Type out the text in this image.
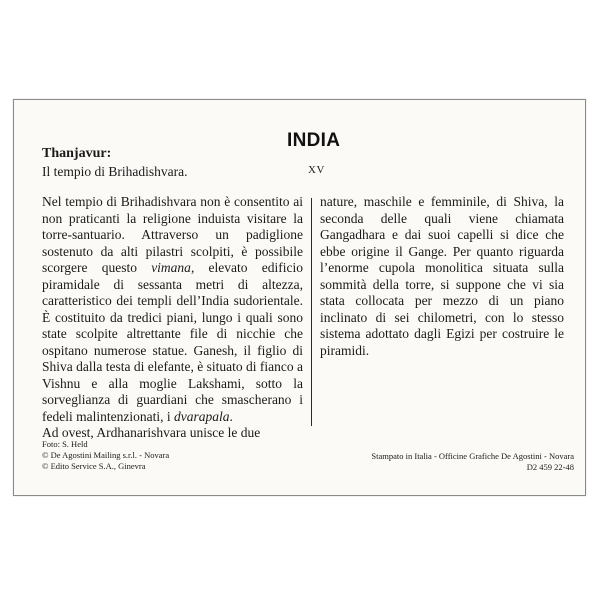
INDIA
Thanjavur:
Il tempio di Brihadishvara.	XV

Nel tempio di Brihadishvara non è consentito ai non praticanti la religione induista visitare la torre-santuario. Attraverso un padiglione sostenuto da alti pilastri scolpiti, è possibile scorgere questo vimana, elevato edificio piramidale di sessanta metri di altezza, caratteristico dei templi dell’India sudorientale. È costituito da tredici piani, lungo i quali sono state scolpite altrettante file di nicchie che ospitano numerose statue. Ganesh, il figlio di Shiva dalla testa di elefante, è situato di fianco a Vishnu e alla moglie Lakshami, sotto la sorveglianza di guardiani che smascherano i fedeli malintenzionati, i dvarapala.

Ad ovest, Ardhanarishvara unisce le due

nature, maschile e femminile, di Shiva, la seconda delle quali viene chiamata Gangadhara e dai suoi capelli si dice che ebbe origine il Gange. Per quanto riguarda l’enorme cupola monolitica situata sulla sommità della torre, si suppone che vi sia stata collocata per mezzo di un piano inclinato di sei chilometri, con lo stesso sistema adottato dagli Egizi per costruire le piramidi.

Foto: S. Held
© De Agostini Mailing s.r.l. - Novara
© Edito Service S.A., Ginevra
Stampato in Italia - Officine Grafiche De Agostini - Novara
D2 459 22-48
